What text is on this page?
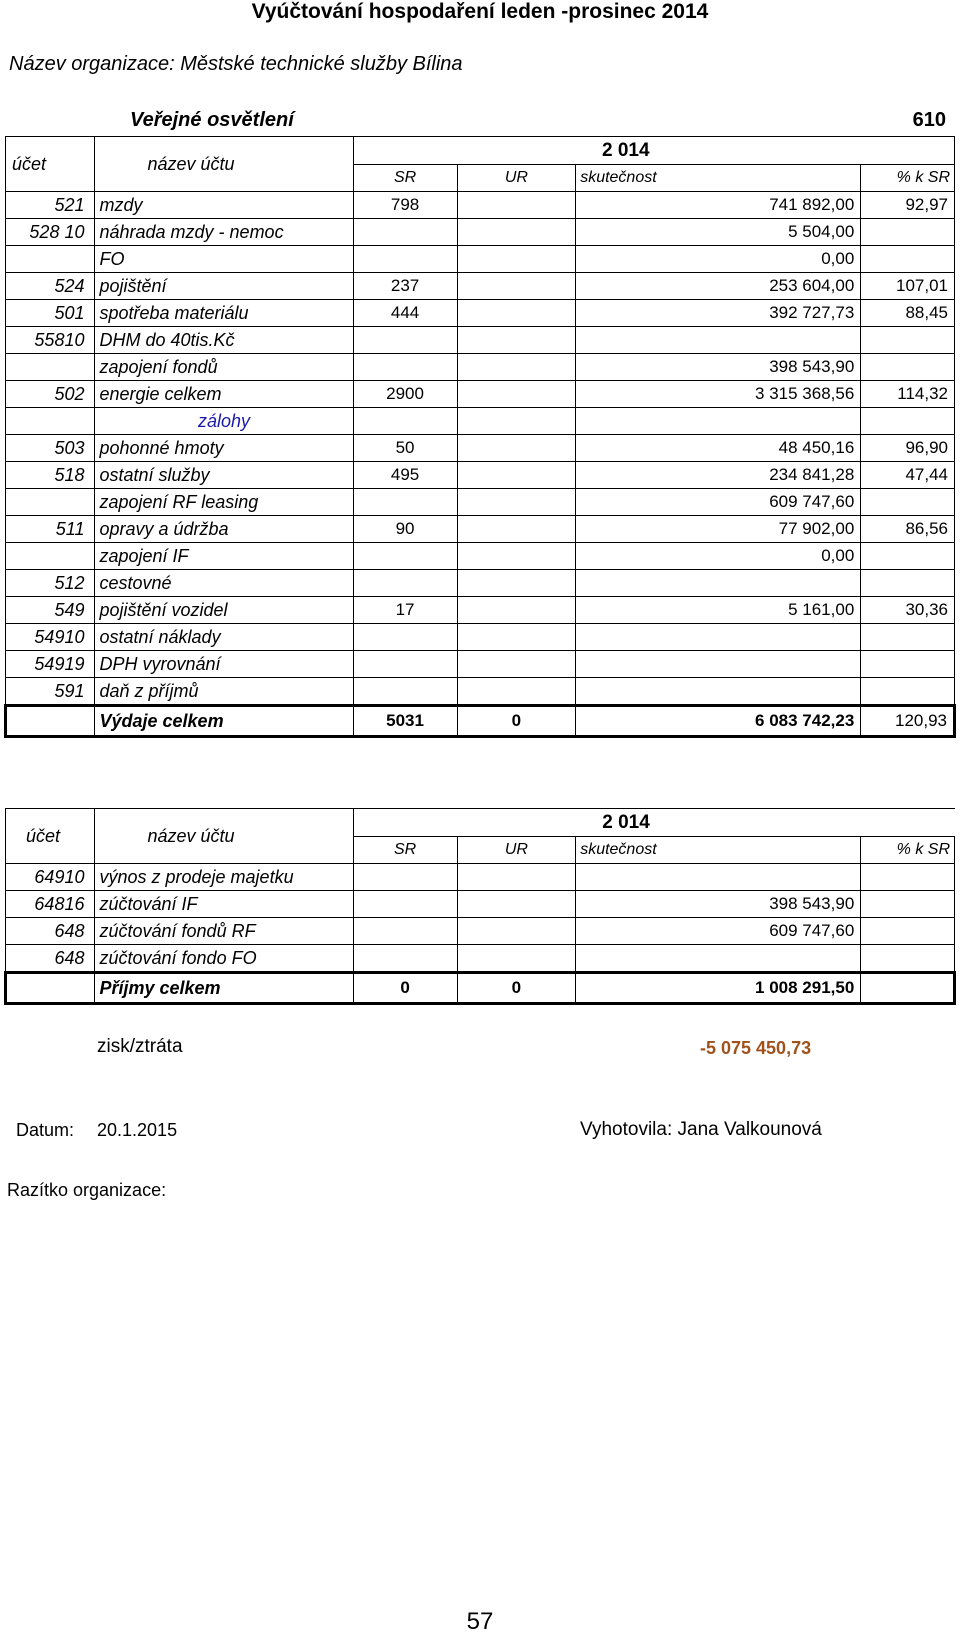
Vyúčtování hospodaření leden -prosinec 2014
Název organizace: Městské technické služby Bílina
Veřejné osvětlení	610
účet	název účtu	2 014			
		SR	UR	skutečnost	% k SR
521	mzdy	798		741 892,00	92,97
528 10	náhrada mzdy - nemoc			5 504,00	
	FO			0,00	
524	pojištění	237		253 604,00	107,01
501	spotřeba materiálu	444		392 727,73	88,45
55810	DHM do 40tis.Kč				
	zapojení fondů			398 543,90	
502	energie celkem	2900		3 315 368,56	114,32
	zálohy				
503	pohonné hmoty	50		48 450,16	96,90
518	ostatní služby	495		234 841,28	47,44
	zapojení RF leasing			609 747,60	
511	opravy a údržba	90		77 902,00	86,56
	zapojení IF			0,00	
512	cestovné				
549	pojištění vozidel	17		5 161,00	30,36
54910	ostatní náklady				
54919	DPH vyrovnání				
591	daň z příjmů				
	Výdaje celkem	5031	0	6 083 742,23	120,93
účet	název účtu	2 014			
		SR	UR	skutečnost	% k SR
64910	výnos z prodeje majetku				
64816	zúčtování IF			398 543,90	
648	zúčtování fondů RF			609 747,60	
648	zúčtování fondo FO				
	Příjmy celkem	0	0	1 008 291,50	
zisk/ztráta	-5 075 450,73
Datum: 20.1.2015	Vyhotovila: Jana Valkounová
Razítko organizace:
57
